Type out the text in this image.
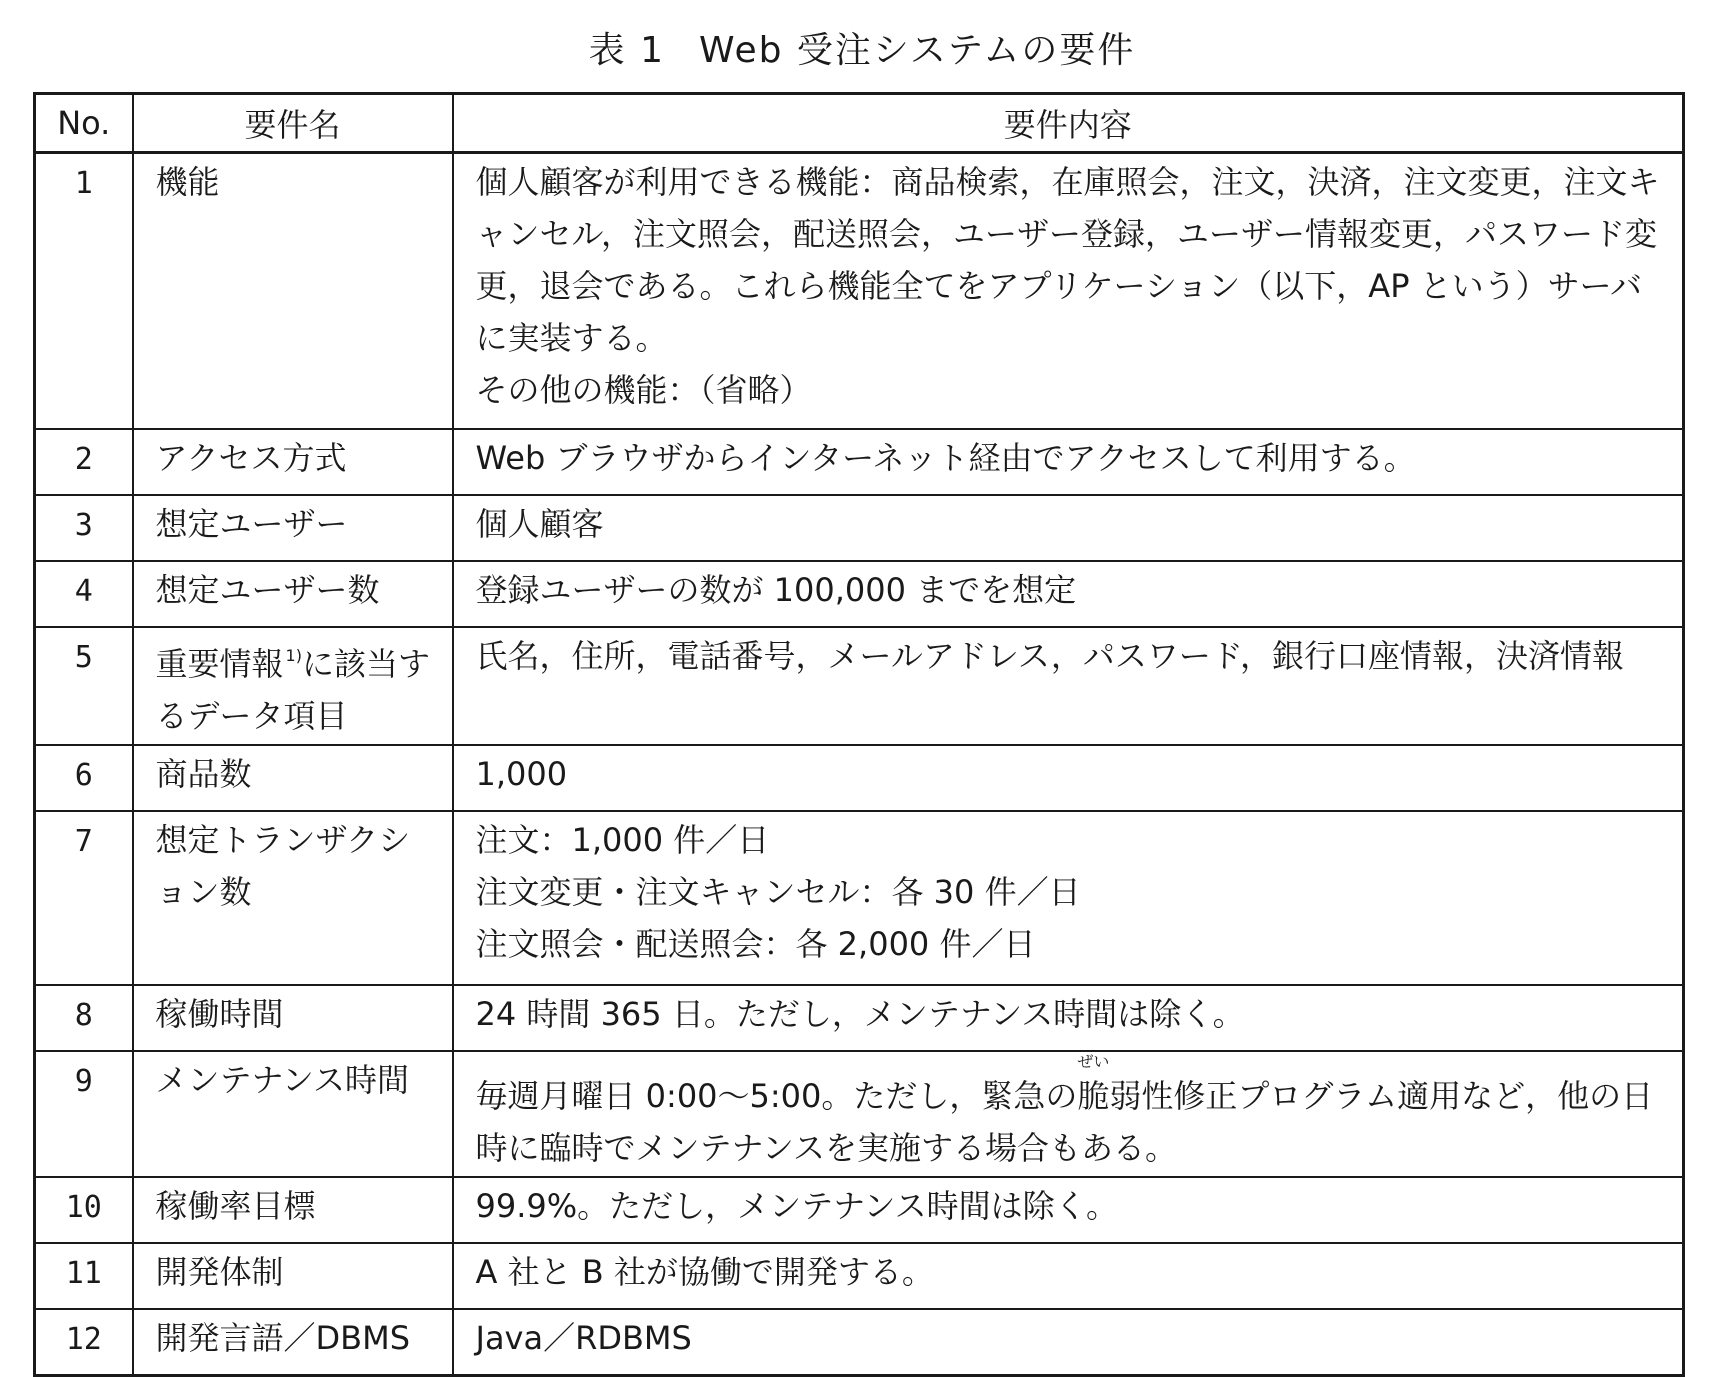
表 1 Web 受注システムの要件
No.	要件名	要件内容
1	機能	個人顧客が利用できる機能：商品検索，在庫照会，注文，決済，注文変更，注文キャンセル，注文照会，配送照会，ユーザー登録，ユーザー情報変更，パスワード変更，退会である。これら機能全てをアプリケーション（以下，AP という）サーバに実装する。
その他の機能：（省略）

2	アクセス方式	Web ブラウザからインターネット経由でアクセスして利用する。

3	想定ユーザー	個人顧客

4	想定ユーザー数	登録ユーザーの数が 100,000 までを想定

5	重要情報 $^{1)}$に該当するデータ項目	氏名，住所，電話番号，メールアドレス，パスワード，銀行口座情報，決済情報

6	商品数	1,000

7	想定トランザクション数	注文：1,000 件／日
注文変更・注文キャンセル：各 30 件／日
注文照会・配送照会：各 2,000 件／日

8	稼働時間	24 時間 365 日。ただし，メンテナンス時間は除く。

9	メンテナンス時間	毎週月曜日 0:00～5:00。ただし，緊急の
ぜい
脆弱性修正プログラム適用など，他の日時に臨時でメンテナンスを実施する場合もある。

10	稼働率目標	99.9%。ただし，メンテナンス時間は除く。

11	開発体制	A 社と B 社が協働で開発する。

12	開発言語／DBMS	Java／RDBMS
